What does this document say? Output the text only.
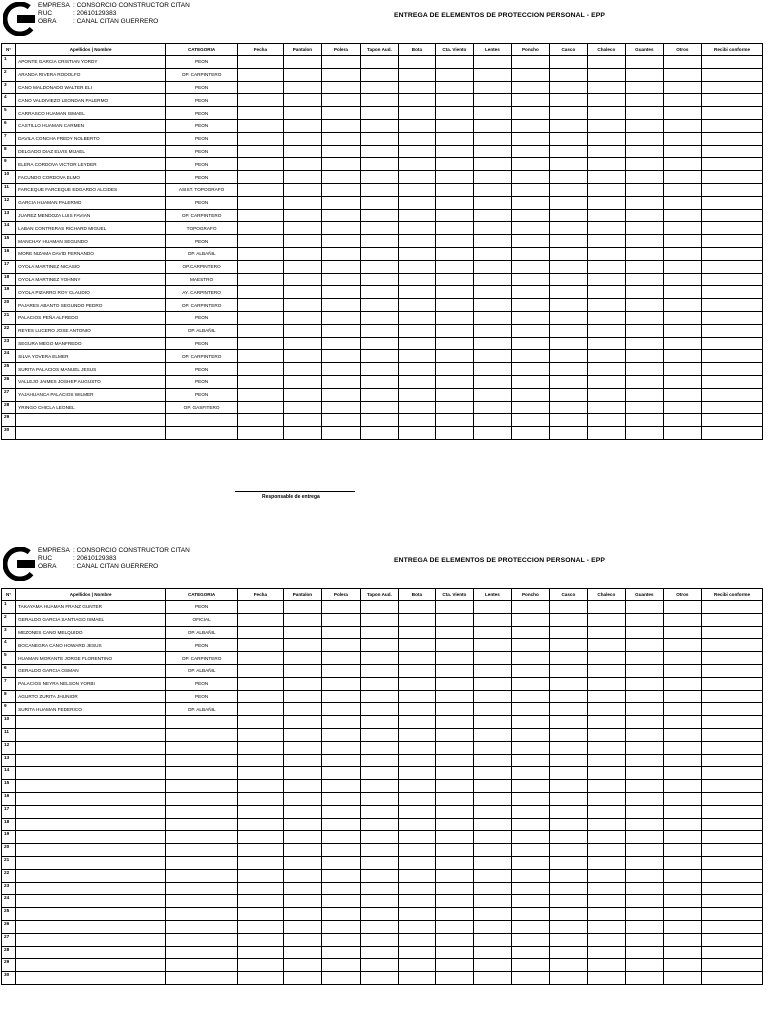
EMPRESA : CONSORCIO CONSTRUCTOR CITAN
RUC	: 20610129383
OBRA	: CANAL CITAN GUERRERO
ENTREGA DE ELEMENTOS DE PROTECCION PERSONAL - EPP
N°	Apellidos | Nombre	CATEGORIA	Fecha	Pantalon	Polera	Tapon Aud.	Bota	Cta. Viento	Lentes	Poncho	Casco	Chaleco	Guantes	Otros	Recibi conforme
1	APONTE GARCIA CRISTIAN YORDY	PEON													
2	ARANDA RIVERA RODOLFO	OP. CARPINTERO													
3	CANO MALDONADO WALTER ELI	PEON													
4	CANO VALDIVIEZO LEONDAN PALERMO	PEON													
5	CARRASCO HUAMAN ISMAEL	PEON													
6	CASTILLO HUAMAN CARMEN	PEON													
7	DAVILA CONCHA FREDY NOLBERTO	PEON													
8	DELGADO DIAZ ELVIS MIJAEL	PEON													
9	ELERA CORDOVA VICTOR LEYDER	PEON													
10	FACUNDO CORDOVA ELMO	PEON													
11	FARCEQUE FARCEQUE EDGARDO ALCIDES	ASIST. TOPOGRAFO													
12	GARCIA HUAMAN PALERMO	PEON													
13	JUAREZ MENDOZA LUIS FAVIAN	OP. CARPINTERO													
14	LABAN CONTRERAS RICHARD MIGUEL	TOPOGRAFO													
15	MANCHAY HUAMAN SEGUNDO	PEON													
16	MORE NIZAMA DAVID FERNANDO	OP. ALBAÑIL													
17	OYOLA MARTINEZ NICASIO	OP.CARPINTERO													
18	OYOLA MARTINEZ YOHNNY	MAESTRO													
19	OYOLA PIZARRO ROY CLAUDIO	AY. CARPINTERO													
20	PAJARES ABANTO SEGUNDO PEDRO	OP. CARPINTERO													
21	PALACIOS PEÑA ALFREDO	PEON													
22	REYES LUCERO JOSE ANTONIO	OP. ALBAÑIL													
23	SEGURA MEGO MANFREDO	PEON													
24	SILVA YOVERA ELMER	OP. CARPINTERO													
25	SURITA PALACIOS MANUEL JESUS	PEON													
26	VALLEJO JAIMES JOSHEP AUGUSTO	PEON													
27	YAJAHUANCA PALACIOS WILMER	PEON													
28	YRINGO CHICLA LEONEL	OP. GASFITERO													
29															
30															
Responsable de entrega
EMPRESA : CONSORCIO CONSTRUCTOR CITAN
RUC	: 20610129383
OBRA	: CANAL CITAN GUERRERO
ENTREGA DE ELEMENTOS DE PROTECCION PERSONAL - EPP
N°	Apellidos | Nombre	CATEGORIA	Fecha	Pantalon	Polera	Tapon Aud.	Bota	Cta. Viento	Lentes	Poncho	Casco	Chaleco	Guantes	Otros	Recibi conforme
1	TAKAYAMA HUAMAN FRANZ GUNTER	PEON													
2	GERALDO GARCIA SANTIAGO ISMAEL	OFICIAL													
3	MEZONES CANO MELQUIDO	OP. ALBAÑIL													
4	BOCANEGRA CANO HOWARD JESUS	PEON													
5	HUAMAN MORANTE JORGE FLORENTINO	OP. CARPINTERO													
6	GERALDO GARCIA OSMAN	OP. ALBAÑIL													
7	PALACIOS NEYRA NELSON YORBI	PEON													
8	AGURTO ZURITA JHUNIOR	PEON													
9	SURITA HUAMAN FEDERICO	OP. ALBAÑIL													
10															
11															
12															
13															
14															
15															
16															
17															
18															
19															
20															
21															
22															
23															
24															
25															
26															
27															
28															
29															
30															
